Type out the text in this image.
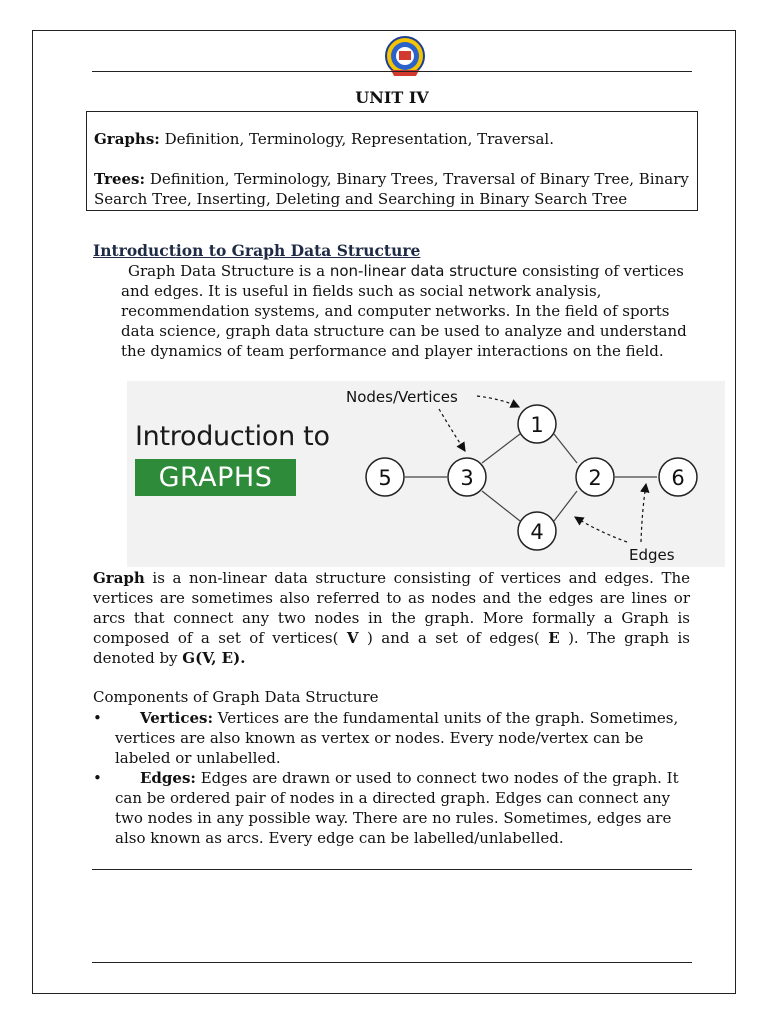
UNIT IV

Graphs: Definition, Terminology, Representation, Traversal.

Trees: Definition, Terminology, Binary Trees, Traversal of Binary Tree, Binary Search Tree, Inserting, Deleting and Searching in Binary Search Tree

Introduction to Graph Data Structure

Graph Data Structure is a non-linear data structure consisting of vertices and edges. It is useful in fields such as social network analysis, recommendation systems, and computer networks. In the field of sports data science, graph data structure can be used to analyze and understand the dynamics of team performance and player interactions on the field.

Introduction to
GRAPHS
1
2
3
4
5	6
Nodes/Vertices
Edges

Graph is a non-linear data structure consisting of vertices and edges. The vertices are sometimes also referred to as nodes and the edges are lines or arcs that connect any two nodes in the graph. More formally a Graph is composed of a set of vertices( V ) and a set of edges( E ). The graph is denoted by G(V, E).

Components of Graph Data Structure
•	Vertices: Vertices are the fundamental units of the graph. Sometimes, vertices are also known as vertex or nodes. Every node/vertex can be labeled or unlabelled.
•	Edges: Edges are drawn or used to connect two nodes of the graph. It can be ordered pair of nodes in a directed graph. Edges can connect any two nodes in any possible way. There are no rules. Sometimes, edges are also known as arcs. Every edge can be labelled/unlabelled.
